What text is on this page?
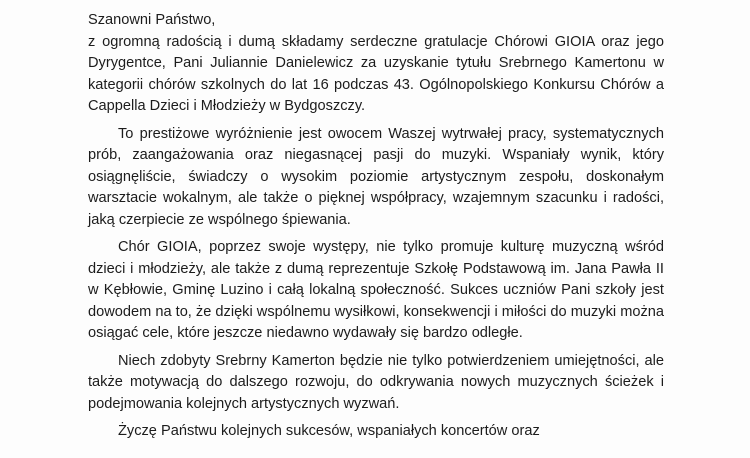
Szanowni Państwo,

z ogromną radością i dumą składamy serdeczne gratulacje Chórowi GIOIA oraz jego Dyrygentce, Pani Juliannie Danielewicz za uzyskanie tytułu Srebrnego Kamertonu w kategorii chórów szkolnych do lat 16 podczas 43. Ogólnopolskiego Konkursu Chórów a Cappella Dzieci i Młodzieży w Bydgoszczy.

To prestiżowe wyróżnienie jest owocem Waszej wytrwałej pracy, systematycznych prób, zaangażowania oraz niegasnącej pasji do muzyki. Wspaniały wynik, który osiągnęliście, świadczy o wysokim poziomie artystycznym zespołu, doskonałym warsztacie wokalnym, ale także o pięknej współpracy, wzajemnym szacunku i radości, jaką czerpiecie ze wspólnego śpiewania.

Chór GIOIA, poprzez swoje występy, nie tylko promuje kulturę muzyczną wśród dzieci i młodzieży, ale także z dumą reprezentuje Szkołę Podstawową im. Jana Pawła II w Kębłowie, Gminę Luzino i całą lokalną społeczność. Sukces uczniów Pani szkoły jest dowodem na to, że dzięki wspólnemu wysiłkowi, konsekwencji i miłości do muzyki można osiągać cele, które jeszcze niedawno wydawały się bardzo odległe.

Niech zdobyty Srebrny Kamerton będzie nie tylko potwierdzeniem umiejętności, ale także motywacją do dalszego rozwoju, do odkrywania nowych muzycznych ścieżek i podejmowania kolejnych artystycznych wyzwań.

Życzę Państwu kolejnych sukcesów, wspaniałych koncertów oraz
